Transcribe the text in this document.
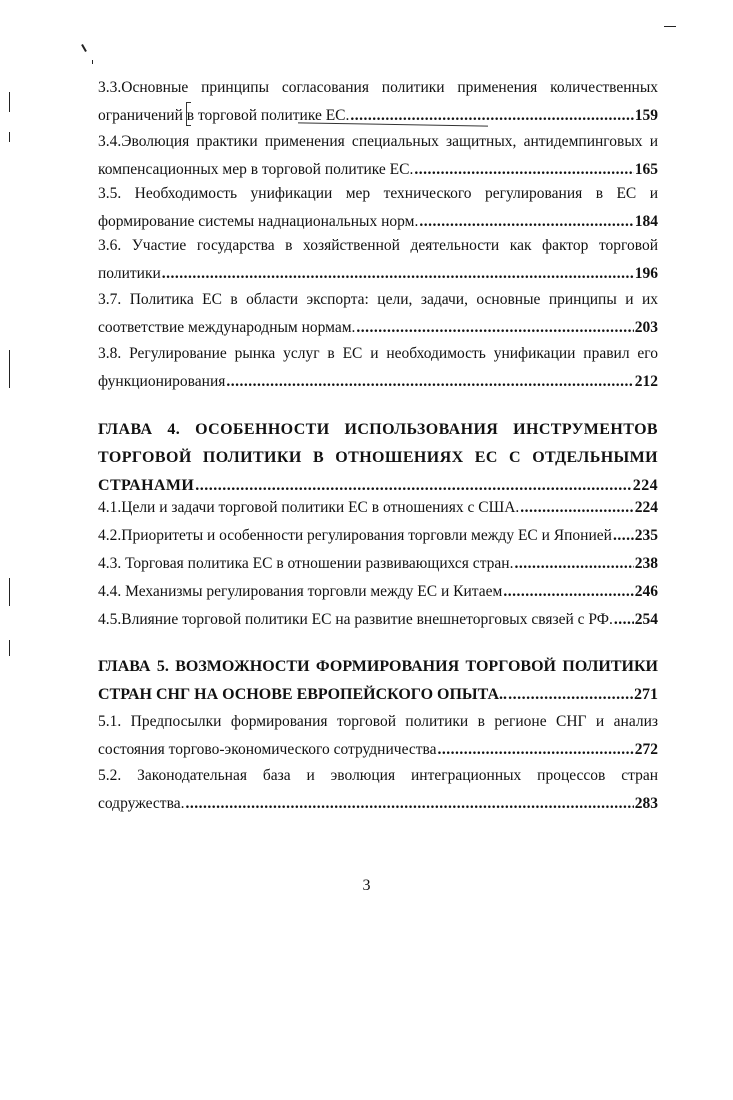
3.3.Основные принципы согласования политики применения количественных
ограничений в торговой политике ЕС. .....	159
3.4.Эволюция практики применения специальных защитных, антидемпинговых и
компенсационных мер в торговой политике ЕС. .....	165
3.5. Необходимость унификации мер технического регулирования в ЕС и
формирование системы наднациональных норм. .....	184
3.6. Участие государства в хозяйственной деятельности как фактор торговой
политики .....	196
3.7. Политика ЕС в области экспорта: цели, задачи, основные принципы и их
соответствие международным нормам. .....	203
3.8. Регулирование рынка услуг в ЕС и необходимость унификации правил его
функционирования .....	212
ГЛАВА 4. ОСОБЕННОСТИ ИСПОЛЬЗОВАНИЯ ИНСТРУМЕНТОВ
ТОРГОВОЙ ПОЛИТИКИ В ОТНОШЕНИЯХ ЕС С ОТДЕЛЬНЫМИ
СТРАНАМИ .....	224
4.1.Цели и задачи торговой политики ЕС в отношениях с США. .....	224
4.2.Приоритеты и особенности регулирования торговли между ЕС и Японией ..... 235
4.3. Торговая политика ЕС в отношении развивающихся стран. .....	238
4.4. Механизмы регулирования торговли между ЕС и Китаем .....	246
4.5.Влияние торговой политики ЕС на развитие внешнеторговых связей с РФ. ..... 254
ГЛАВА 5. ВОЗМОЖНОСТИ ФОРМИРОВАНИЯ ТОРГОВОЙ ПОЛИТИКИ
СТРАН СНГ НА ОСНОВЕ ЕВРОПЕЙСКОГО ОПЫТА.. .....	271
5.1. Предпосылки формирования торговой политики в регионе СНГ и анализ
состояния торгово-экономического сотрудничества .....	272
5.2. Законодательная база и эволюция интеграционных процессов стран
содружества. .....	283
3
